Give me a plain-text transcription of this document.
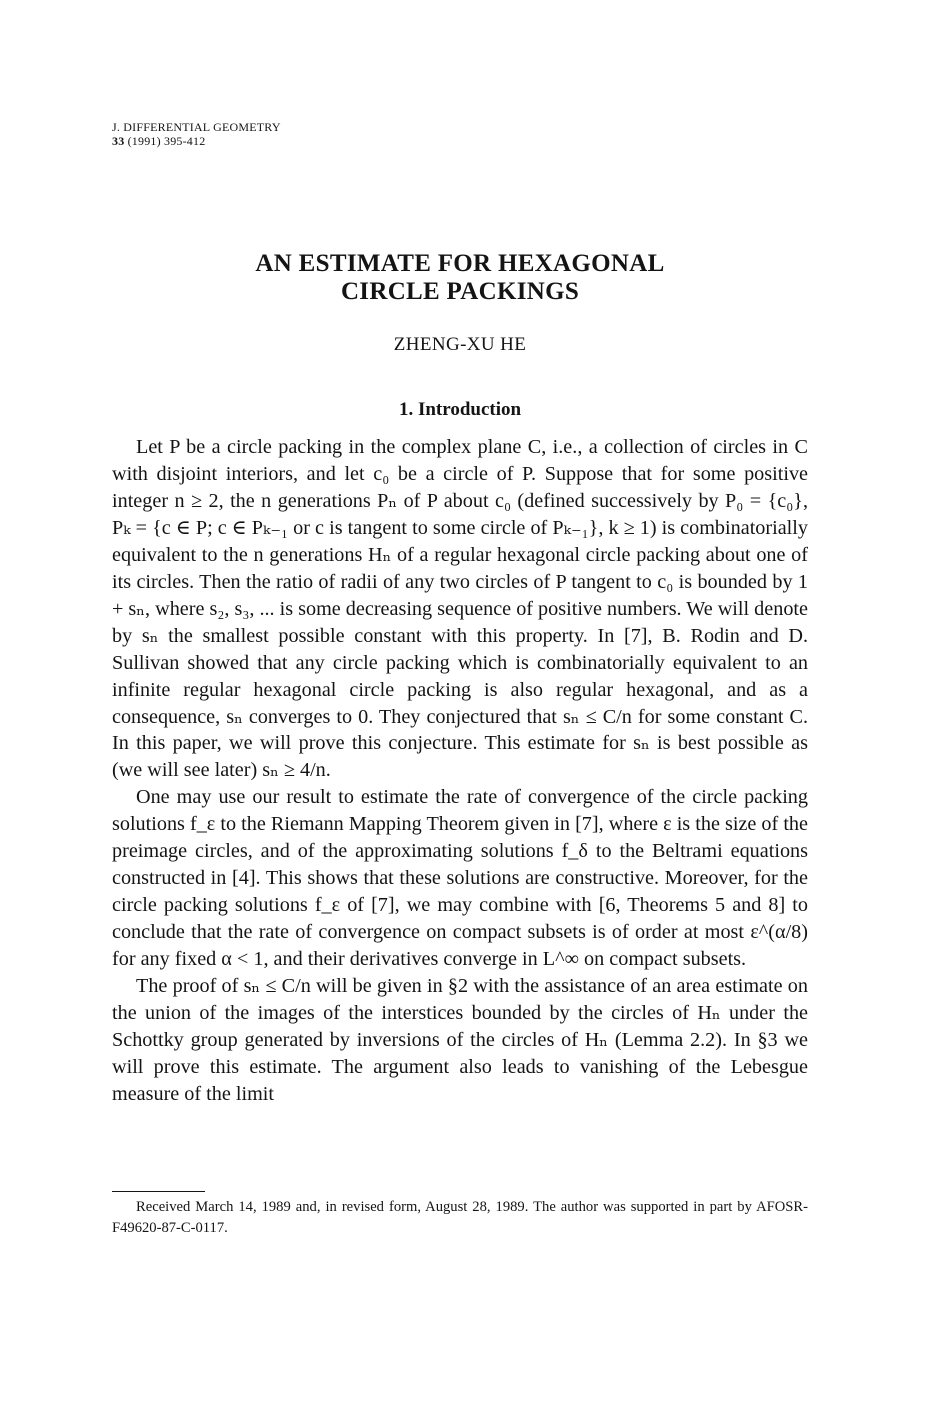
J. DIFFERENTIAL GEOMETRY
33 (1991) 395-412
AN ESTIMATE FOR HEXAGONAL
CIRCLE PACKINGS
ZHENG-XU HE
1. Introduction

Let P be a circle packing in the complex plane C, i.e., a collection of circles in C with disjoint interiors, and let c₀ be a circle of P. Suppose that for some positive integer n ≥ 2, the n generations Pₙ of P about c₀ (defined successively by P₀ = {c₀}, Pₖ = {c ∈ P; c ∈ Pₖ₋₁ or c is tangent to some circle of Pₖ₋₁}, k ≥ 1) is combinatorially equivalent to the n generations Hₙ of a regular hexagonal circle packing about one of its circles. Then the ratio of radii of any two circles of P tangent to c₀ is bounded by 1 + sₙ, where s₂, s₃, ... is some decreasing sequence of positive numbers. We will denote by sₙ the smallest possible constant with this property. In [7], B. Rodin and D. Sullivan showed that any circle packing which is combinatorially equivalent to an infinite regular hexagonal circle packing is also regular hexagonal, and as a consequence, sₙ converges to 0. They conjectured that sₙ ≤ C/n for some constant C. In this paper, we will prove this conjecture. This estimate for sₙ is best possible as (we will see later) sₙ ≥ 4/n.

One may use our result to estimate the rate of convergence of the circle packing solutions f_ε to the Riemann Mapping Theorem given in [7], where ε is the size of the preimage circles, and of the approximating solutions f_δ to the Beltrami equations constructed in [4]. This shows that these solutions are constructive. Moreover, for the circle packing solutions f_ε of [7], we may combine with [6, Theorems 5 and 8] to conclude that the rate of convergence on compact subsets is of order at most ε^(α/8) for any fixed α < 1, and their derivatives converge in L^∞ on compact subsets.

The proof of sₙ ≤ C/n will be given in §2 with the assistance of an area estimate on the union of the images of the interstices bounded by the circles of Hₙ under the Schottky group generated by inversions of the circles of Hₙ (Lemma 2.2). In §3 we will prove this estimate. The argument also leads to vanishing of the Lebesgue measure of the limit

Received March 14, 1989 and, in revised form, August 28, 1989. The author was supported in part by AFOSR-F49620-87-C-0117.
